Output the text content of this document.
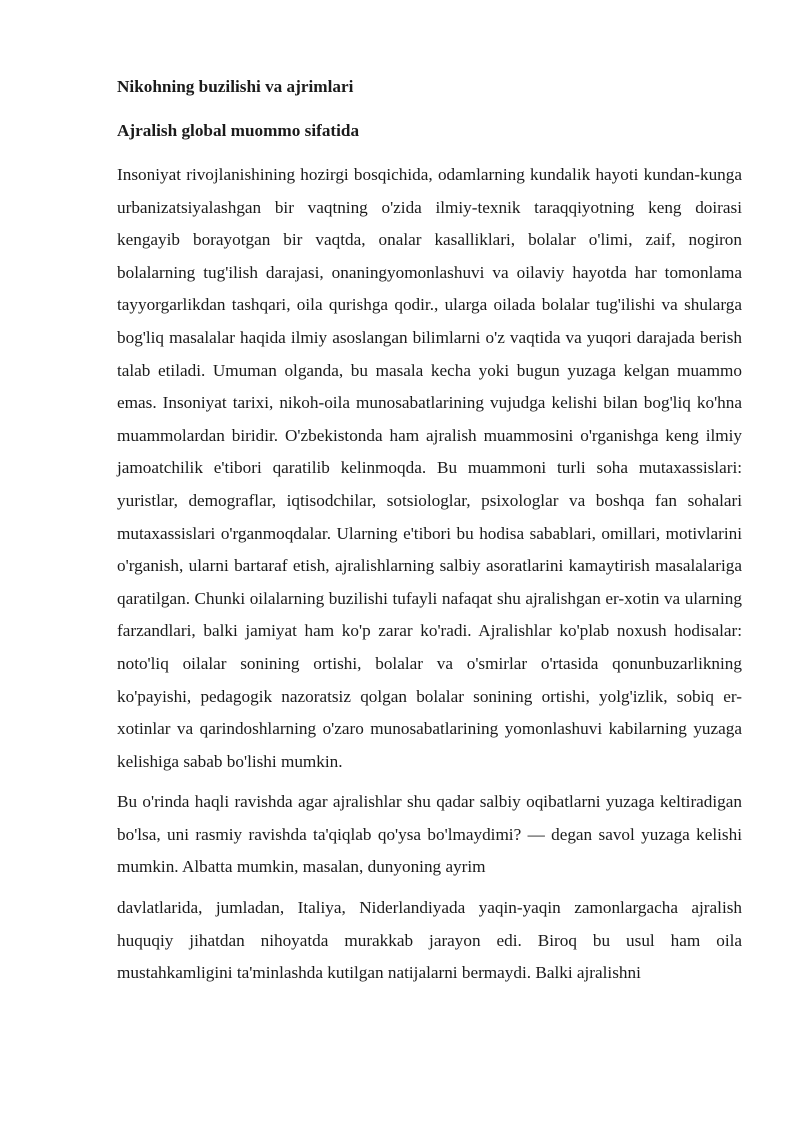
Nikohning buzilishi va ajrimlari

Ajralish global muommo sifatida

Insoniyat rivojlanishining hozirgi bosqichida, odamlarning kundalik hayoti kundan-kunga urbanizatsiyalashgan bir vaqtning o'zida ilmiy-texnik taraqqiyotning keng doirasi kengayib borayotgan bir vaqtda, onalar kasalliklari, bolalar o'limi, zaif, nogiron bolalarning tug'ilish darajasi, onaningyomonlashuvi va oilaviy hayotda har tomonlama tayyorgarlikdan tashqari, oila qurishga qodir., ularga oilada bolalar tug'ilishi va shularga bog'liq masalalar haqida ilmiy asoslangan bilimlarni o'z vaqtida va yuqori darajada berish talab etiladi. Umuman olganda, bu masala kecha yoki bugun yuzaga kelgan muammo emas. Insoniyat tarixi, nikoh-oila munosabatlarining vujudga kelishi bilan bog'liq ko'hna muammolardan biridir. O'zbekistonda ham ajralish muammosini o'rganishga keng ilmiy jamoatchilik e'tibori qaratilib kelinmoqda. Bu muammoni turli soha mutaxassislari: yuristlar, demograflar, iqtisodchilar, sotsiologlar, psixologlar va boshqa fan sohalari mutaxassislari o'rganmoqdalar. Ularning e'tibori bu hodisa sabablari, omillari, motivlarini o'rganish, ularni bartaraf etish, ajralishlarning salbiy asoratlarini kamaytirish masalalariga qaratilgan. Chunki oilalarning buzilishi tufayli nafaqat shu ajralishgan er-xotin va ularning farzandlari, balki jamiyat ham ko'p zarar ko'radi. Ajralishlar ko'plab noxush hodisalar: noto'liq oilalar sonining ortishi, bolalar va o'smirlar o'rtasida qonunbuzarlikning ko'payishi, pedagogik nazoratsiz qolgan bolalar sonining ortishi, yolg'izlik, sobiq er-xotinlar va qarindoshlarning o'zaro munosabatlarining yomonlashuvi kabilarning yuzaga kelishiga sabab bo'lishi mumkin.

Bu o'rinda haqli ravishda agar ajralishlar shu qadar salbiy oqibatlarni yuzaga keltiradigan bo'lsa, uni rasmiy ravishda ta'qiqlab qo'ysa bo'lmaydimi? — degan savol yuzaga kelishi mumkin. Albatta mumkin, masalan, dunyoning ayrim

davlatlarida, jumladan, Italiya, Niderlandiyada yaqin-yaqin zamonlargacha ajralish huquqiy jihatdan nihoyatda murakkab jarayon edi. Biroq bu usul ham oila mustahkamligini ta'minlashda kutilgan natijalarni bermaydi. Balki ajralishni
